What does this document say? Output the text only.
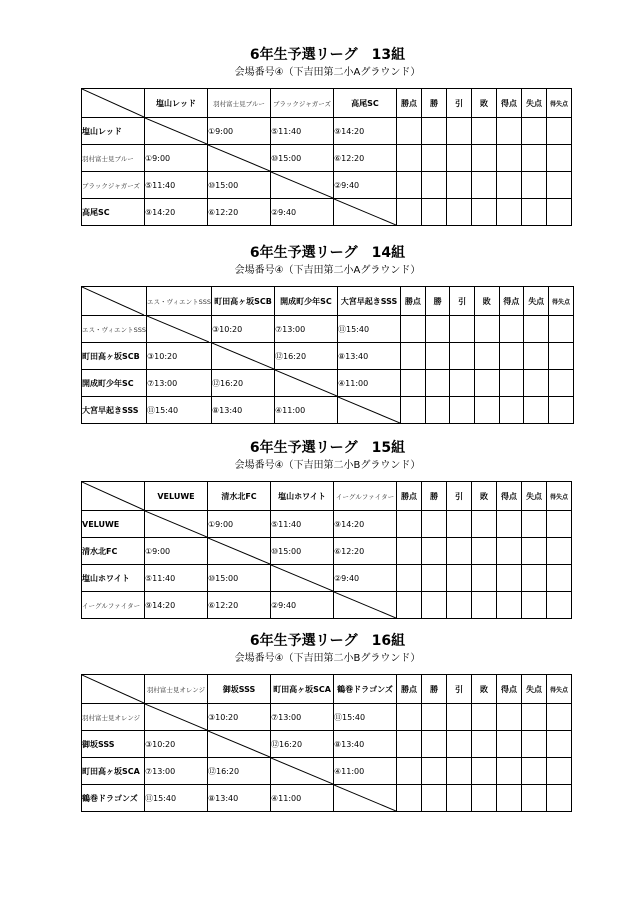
6年生予選リーグ　13組
会場番号④（下吉田第二小Aグラウンド）
	塩山レッド	羽村富士見ブルー	ブラックジャガーズ	高尾SC	勝点	勝	引	敗	得点	失点	得失点
塩山レッド		①9:00	⑤11:40	⑨14:20							
羽村富士見ブルー	①9:00		⑩15:00	⑥12:20							
ブラックジャガーズ	⑤11:40	⑩15:00		②9:40							
高尾SC	⑨14:20	⑥12:20	②9:40	

6年生予選リーグ　14組
会場番号④（下吉田第二小Aグラウンド）
	エス・ヴィエントSSS	町田高ヶ坂SCB	開成町少年SC	大宮早起きSSS	勝点	勝	引	敗	得点	失点	得失点
エス・ヴィエントSSS		③10:20	⑦13:00	⑪15:40							
町田高ヶ坂SCB	③10:20		⑫16:20	⑧13:40							
開成町少年SC	⑦13:00	⑫16:20		④11:00							
大宮早起きSSS	⑪15:40	⑧13:40	④11:00	

6年生予選リーグ　15組
会場番号④（下吉田第二小Bグラウンド）
	VELUWE	清水北FC	塩山ホワイト	イーグルファイター	勝点	勝	引	敗	得点	失点	得失点
VELUWE		①9:00	⑤11:40	⑨14:20							
清水北FC	①9:00		⑩15:00	⑥12:20							
塩山ホワイト	⑤11:40	⑩15:00		②9:40							
イーグルファイター	⑨14:20	⑥12:20	②9:40	

6年生予選リーグ　16組
会場番号④（下吉田第二小Bグラウンド）
	羽村富士見オレンジ	御坂SSS	町田高ヶ坂SCA	鶴巻ドラゴンズ	勝点	勝	引	敗	得点	失点	得失点
羽村富士見オレンジ		③10:20	⑦13:00	⑪15:40							
御坂SSS	③10:20		⑫16:20	⑧13:40							
町田高ヶ坂SCA	⑦13:00	⑫16:20		④11:00							
鶴巻ドラゴンズ	⑪15:40	⑧13:40	④11:00	
